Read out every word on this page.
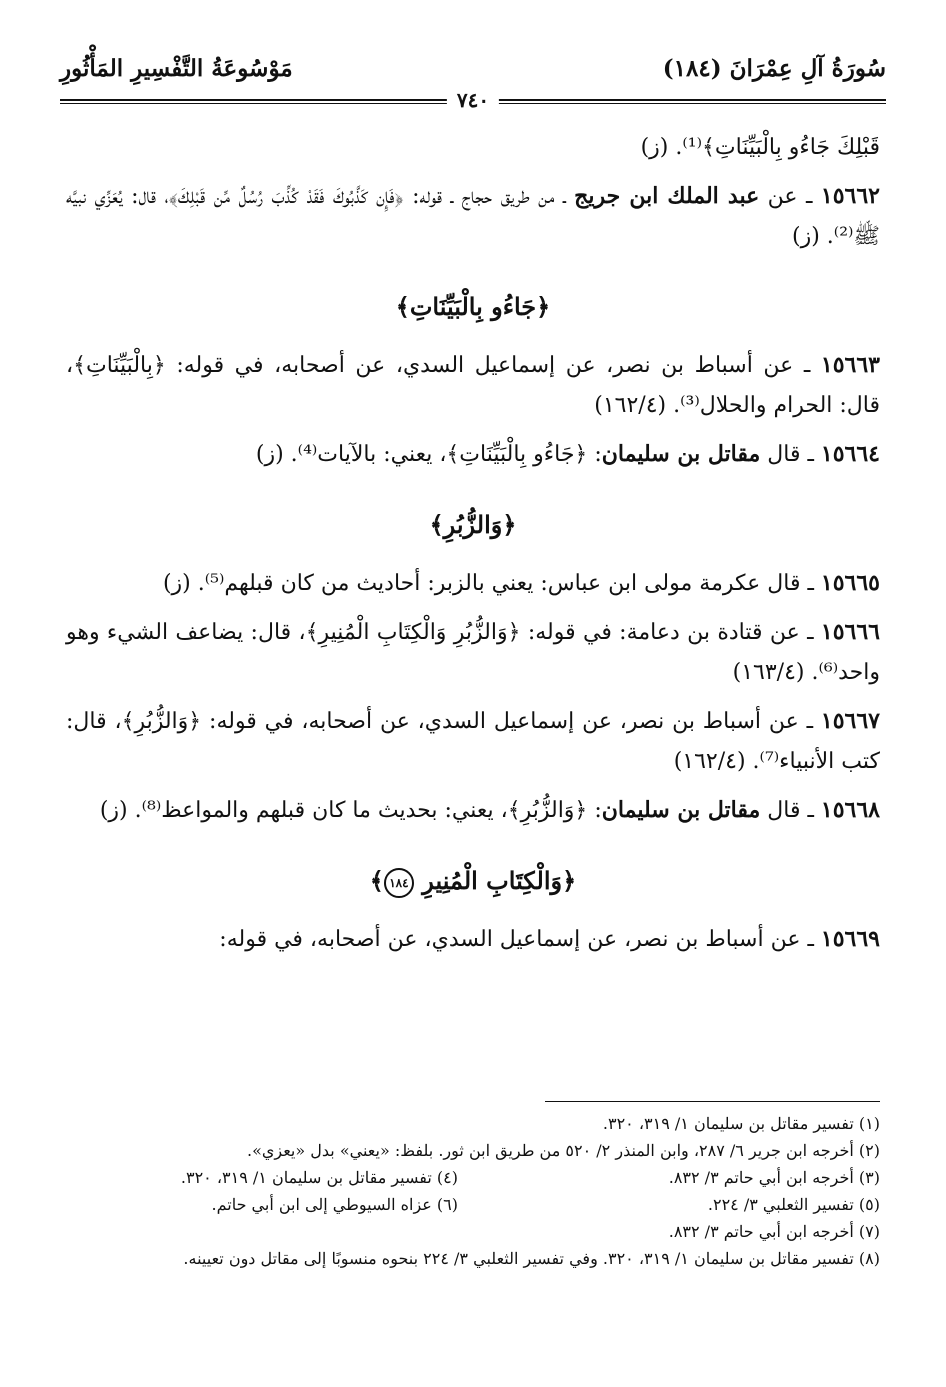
سُورَةُ آلِ عِمْرَانَ (١٨٤)
مَوْسُوعَةُ التَّفْسِيرِ المَأْثُورِ
٧٤٠

قَبْلِكَ جَاءُو بِالْبَيِّنَاتِ﴾⁽¹⁾. (ز)

١٥٦٦٢ ـ عن عبد الملك ابن جريج ـ من طريق حجاج ـ قوله: ﴿فَإِن كَذَّبُوكَ فَقَدْ كُذِّبَ رُسُلٌ مِّن قَبْلِكَ﴾، قال: يُعَزِّي نبيَّه ﷺ⁽²⁾. (ز)

﴿جَاءُو بِالْبَيِّنَاتِ﴾

١٥٦٦٣ ـ عن أسباط بن نصر، عن إسماعيل السدي، عن أصحابه، في قوله: ﴿بِالْبَيِّنَاتِ﴾، قال: الحرام والحلال⁽³⁾. (١٦٢/٤)

١٥٦٦٤ ـ قال مقاتل بن سليمان: ﴿جَاءُو بِالْبَيِّنَاتِ﴾، يعني: بالآيات⁽⁴⁾. (ز)

﴿وَالزُّبُرِ﴾

١٥٦٦٥ ـ قال عكرمة مولى ابن عباس: يعني بالزبر: أحاديث من كان قبلهم⁽⁵⁾. (ز)

١٥٦٦٦ ـ عن قتادة بن دعامة: في قوله: ﴿وَالزُّبُرِ وَالْكِتَابِ الْمُنِيرِ﴾، قال: يضاعف الشيء وهو واحد⁽⁶⁾. (١٦٣/٤)

١٥٦٦٧ ـ عن أسباط بن نصر، عن إسماعيل السدي، عن أصحابه، في قوله: ﴿وَالزُّبُرِ﴾، قال: كتب الأنبياء⁽⁷⁾. (١٦٢/٤)

١٥٦٦٨ ـ قال مقاتل بن سليمان: ﴿وَالزُّبُرِ﴾، يعني: بحديث ما كان قبلهم والمواعظ⁽⁸⁾. (ز)

﴿وَالْكِتَابِ الْمُنِيرِ ١٨٤﴾

١٥٦٦٩ ـ عن أسباط بن نصر، عن إسماعيل السدي، عن أصحابه، في قوله:

(١) تفسير مقاتل بن سليمان ١/ ٣١٩، ٣٢٠.

(٢) أخرجه ابن جرير ٦/ ٢٨٧، وابن المنذر ٢/ ٥٢٠ من طريق ابن ثور. بلفظ: «يعني» بدل «يعزي».

(٣) أخرجه ابن أبي حاتم ٣/ ٨٣٢.

(٤) تفسير مقاتل بن سليمان ١/ ٣١٩، ٣٢٠.

(٥) تفسير الثعلبي ٣/ ٢٢٤.

(٦) عزاه السيوطي إلى ابن أبي حاتم.

(٧) أخرجه ابن أبي حاتم ٣/ ٨٣٢.

(٨) تفسير مقاتل بن سليمان ١/ ٣١٩، ٣٢٠. وفي تفسير الثعلبي ٣/ ٢٢٤ بنحوه منسوبًا إلى مقاتل دون تعيينه.
